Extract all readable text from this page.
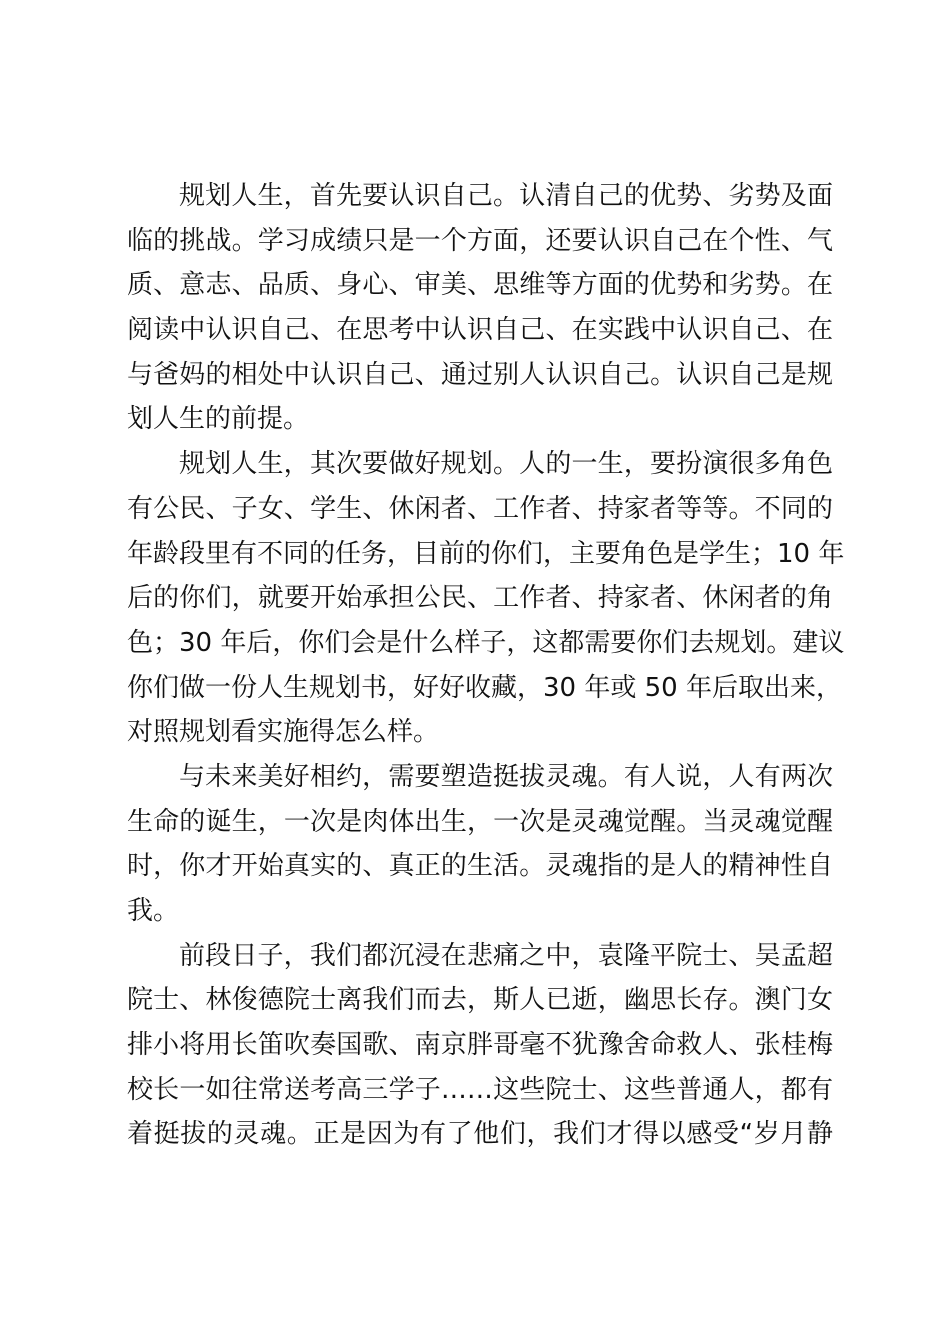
规划人生，首先要认识自己。认清自己的优势、劣势及面
临的挑战。学习成绩只是一个方面，还要认识自己在个性、气
质、意志、品质、身心、审美、思维等方面的优势和劣势。在
阅读中认识自己、在思考中认识自己、在实践中认识自己、在
与爸妈的相处中认识自己、通过别人认识自己。认识自己是规
划人生的前提。
规划人生，其次要做好规划。人的一生，要扮演很多角色
有公民、子女、学生、休闲者、工作者、持家者等等。不同的
年龄段里有不同的任务，目前的你们，主要角色是学生；10 年
后的你们，就要开始承担公民、工作者、持家者、休闲者的角
色；30 年后，你们会是什么样子，这都需要你们去规划。建议
你们做一份人生规划书，好好收藏，30 年或 50 年后取出来，
对照规划看实施得怎么样。
与未来美好相约，需要塑造挺拔灵魂。有人说，人有两次
生命的诞生，一次是肉体出生，一次是灵魂觉醒。当灵魂觉醒
时，你才开始真实的、真正的生活。灵魂指的是人的精神性自
我。
前段日子，我们都沉浸在悲痛之中，袁隆平院士、吴孟超
院士、林俊德院士离我们而去，斯人已逝，幽思长存。澳门女
排小将用长笛吹奏国歌、南京胖哥毫不犹豫舍命救人、张桂梅
校长一如往常送考高三学子……这些院士、这些普通人，都有
着挺拔的灵魂。正是因为有了他们，我们才得以感受“岁月静
